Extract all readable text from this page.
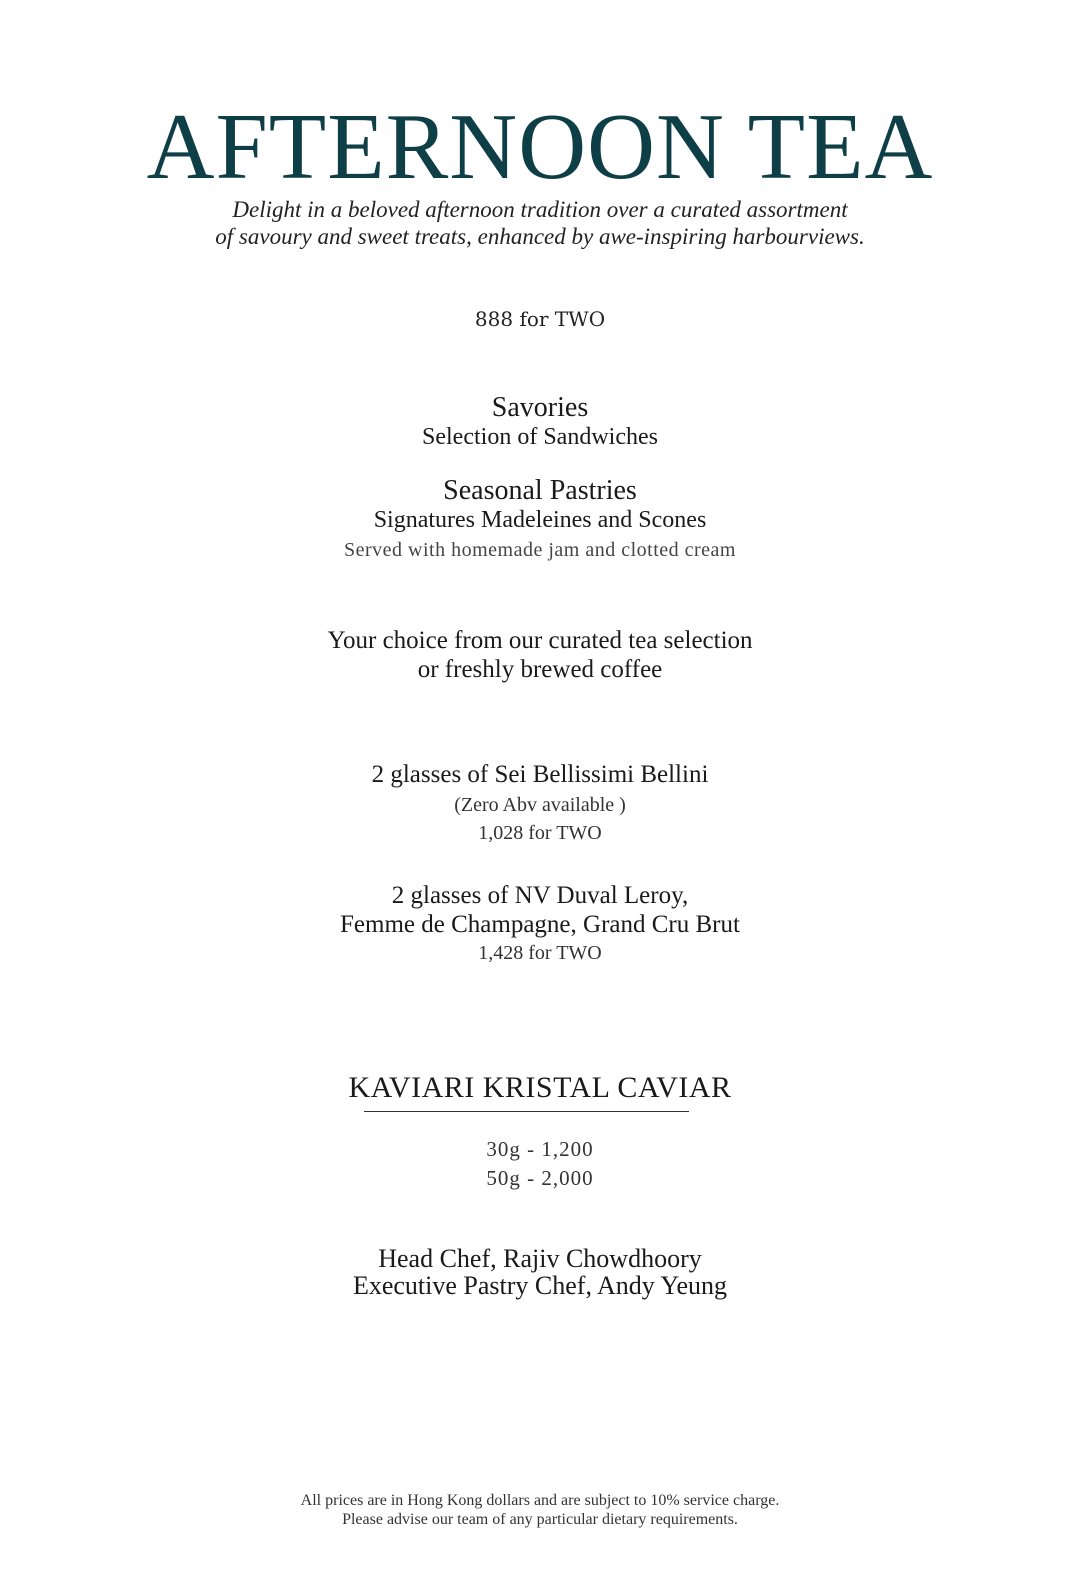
AFTERNOON TEA

Delight in a beloved afternoon tradition over a curated assortment

of savoury and sweet treats, enhanced by awe-inspiring harbourviews.

888 for TWO

Savories

Selection of Sandwiches

Seasonal Pastries

Signatures Madeleines and Scones

Served with homemade jam and clotted cream

Your choice from our curated tea selection

or freshly brewed coffee

2 glasses of Sei Bellissimi Bellini

(Zero Abv available )

1,028 for TWO

2 glasses of NV Duval Leroy,

Femme de Champagne, Grand Cru Brut

1,428 for TWO

KAVIARI KRISTAL CAVIAR

30g - 1,200

50g - 2,000

Head Chef, Rajiv Chowdhoory

Executive Pastry Chef, Andy Yeung

All prices are in Hong Kong dollars and are subject to 10% service charge.

Please advise our team of any particular dietary requirements.
